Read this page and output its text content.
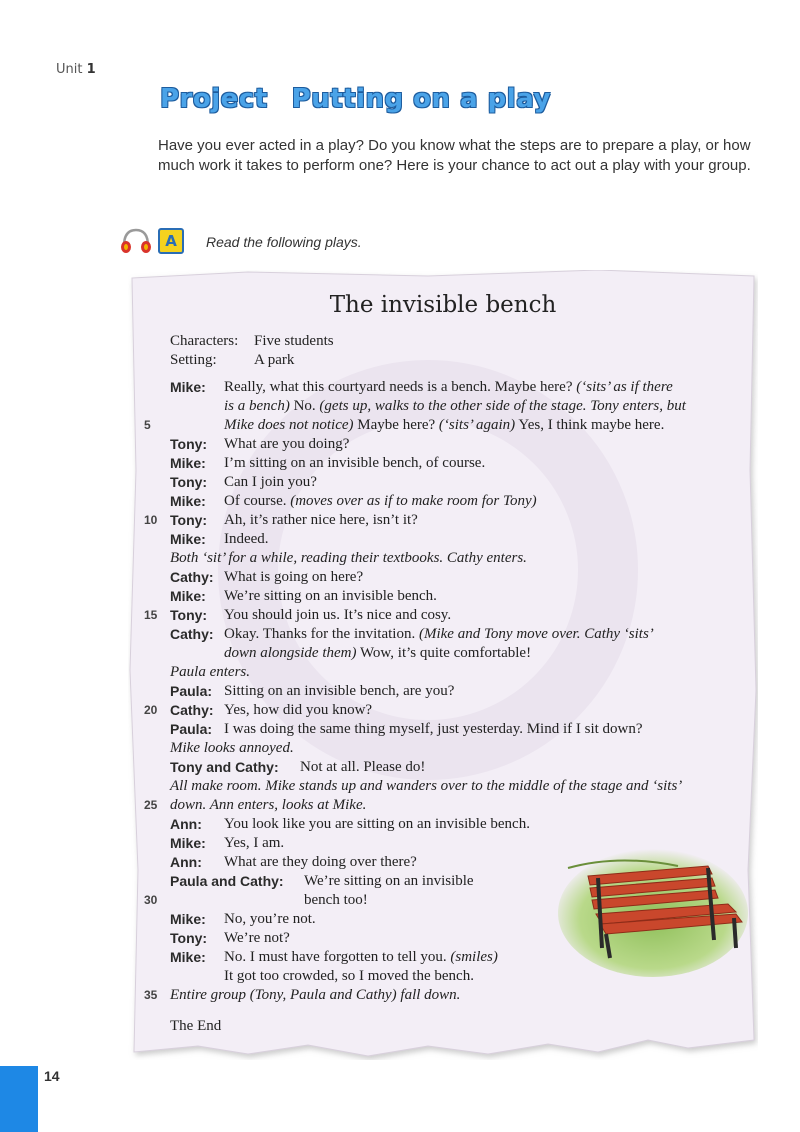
Unit 1
Project Putting on a play
Have you ever acted in a play? Do you know what the steps are to prepare a play, or how much work it takes to perform one? Here is your chance to act out a play with your group.
A	Read the following plays.
The invisible bench
Characters: Five students
Setting: A park
Mike: Really, what this courtyard needs is a bench. Maybe here? (‘sits’ as if there
is a bench) No. (gets up, walks to the other side of the stage. Tony enters, but
5	Mike does not notice) Maybe here? (‘sits’ again) Yes, I think maybe here.
Tony: What are you doing?
Mike: I’m sitting on an invisible bench, of course.
Tony: Can I join you?
Mike: Of course. (moves over as if to make room for Tony)
10 Tony: Ah, it’s rather nice here, isn’t it?
Mike: Indeed.
Both ‘sit’ for a while, reading their textbooks. Cathy enters.
Cathy: What is going on here?
Mike: We’re sitting on an invisible bench.
15 Tony: You should join us. It’s nice and cosy.
Cathy: Okay. Thanks for the invitation. (Mike and Tony move over. Cathy ‘sits’
down alongside them) Wow, it’s quite comfortable!
Paula enters.
Paula: Sitting on an invisible bench, are you?
20 Cathy: Yes, how did you know?
Paula: I was doing the same thing myself, just yesterday. Mind if I sit down?
Mike looks annoyed.
Tony and Cathy: Not at all. Please do!
All make room. Mike stands up and wanders over to the middle of the stage and ‘sits’
25 down. Ann enters, looks at Mike.
Ann: You look like you are sitting on an invisible bench.
Mike: Yes, I am.
Ann: What are they doing over there?
Paula and Cathy: We’re sitting on an invisible
30	bench too!
Mike: No, you’re not.
Tony: We’re not?
Mike: No. I must have forgotten to tell you. (smiles)
It got too crowded, so I moved the bench.
35 Entire group (Tony, Paula and Cathy) fall down.
The End
14
